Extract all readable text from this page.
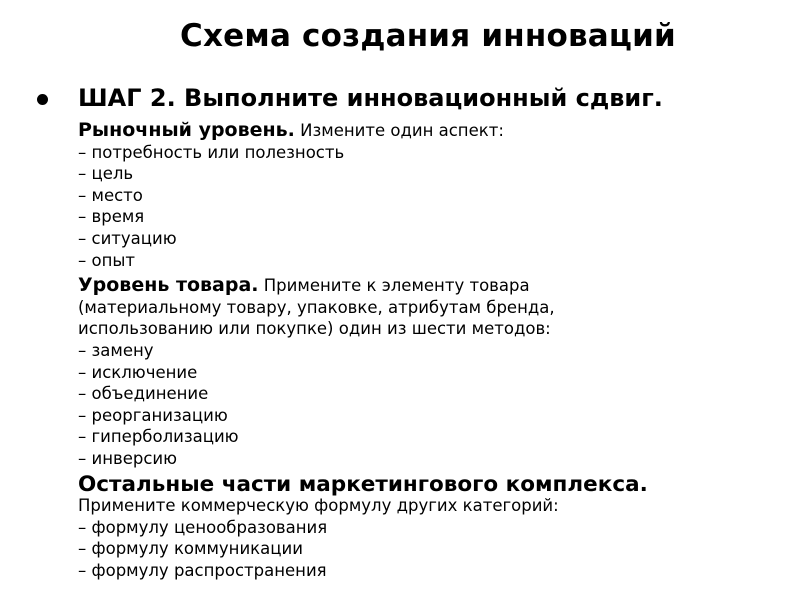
Схема создания инноваций
ШАГ 2. Выполните инновационный сдвиг.
Рыночный уровень. Измените один аспект:
– потребность или полезность
– цель
– место
– время
– ситуацию
– опыт
Уровень товара. Примените к элементу товара
(материальному товару, упаковке, атрибутам бренда,
использованию или покупке) один из шести методов:
– замену
– исключение
– объединение
– реорганизацию
– гиперболизацию
– инверсию
Остальные части маркетингового комплекса.
Примените коммерческую формулу других категорий:
– формулу ценообразования
– формулу коммуникации
– формулу распространения
